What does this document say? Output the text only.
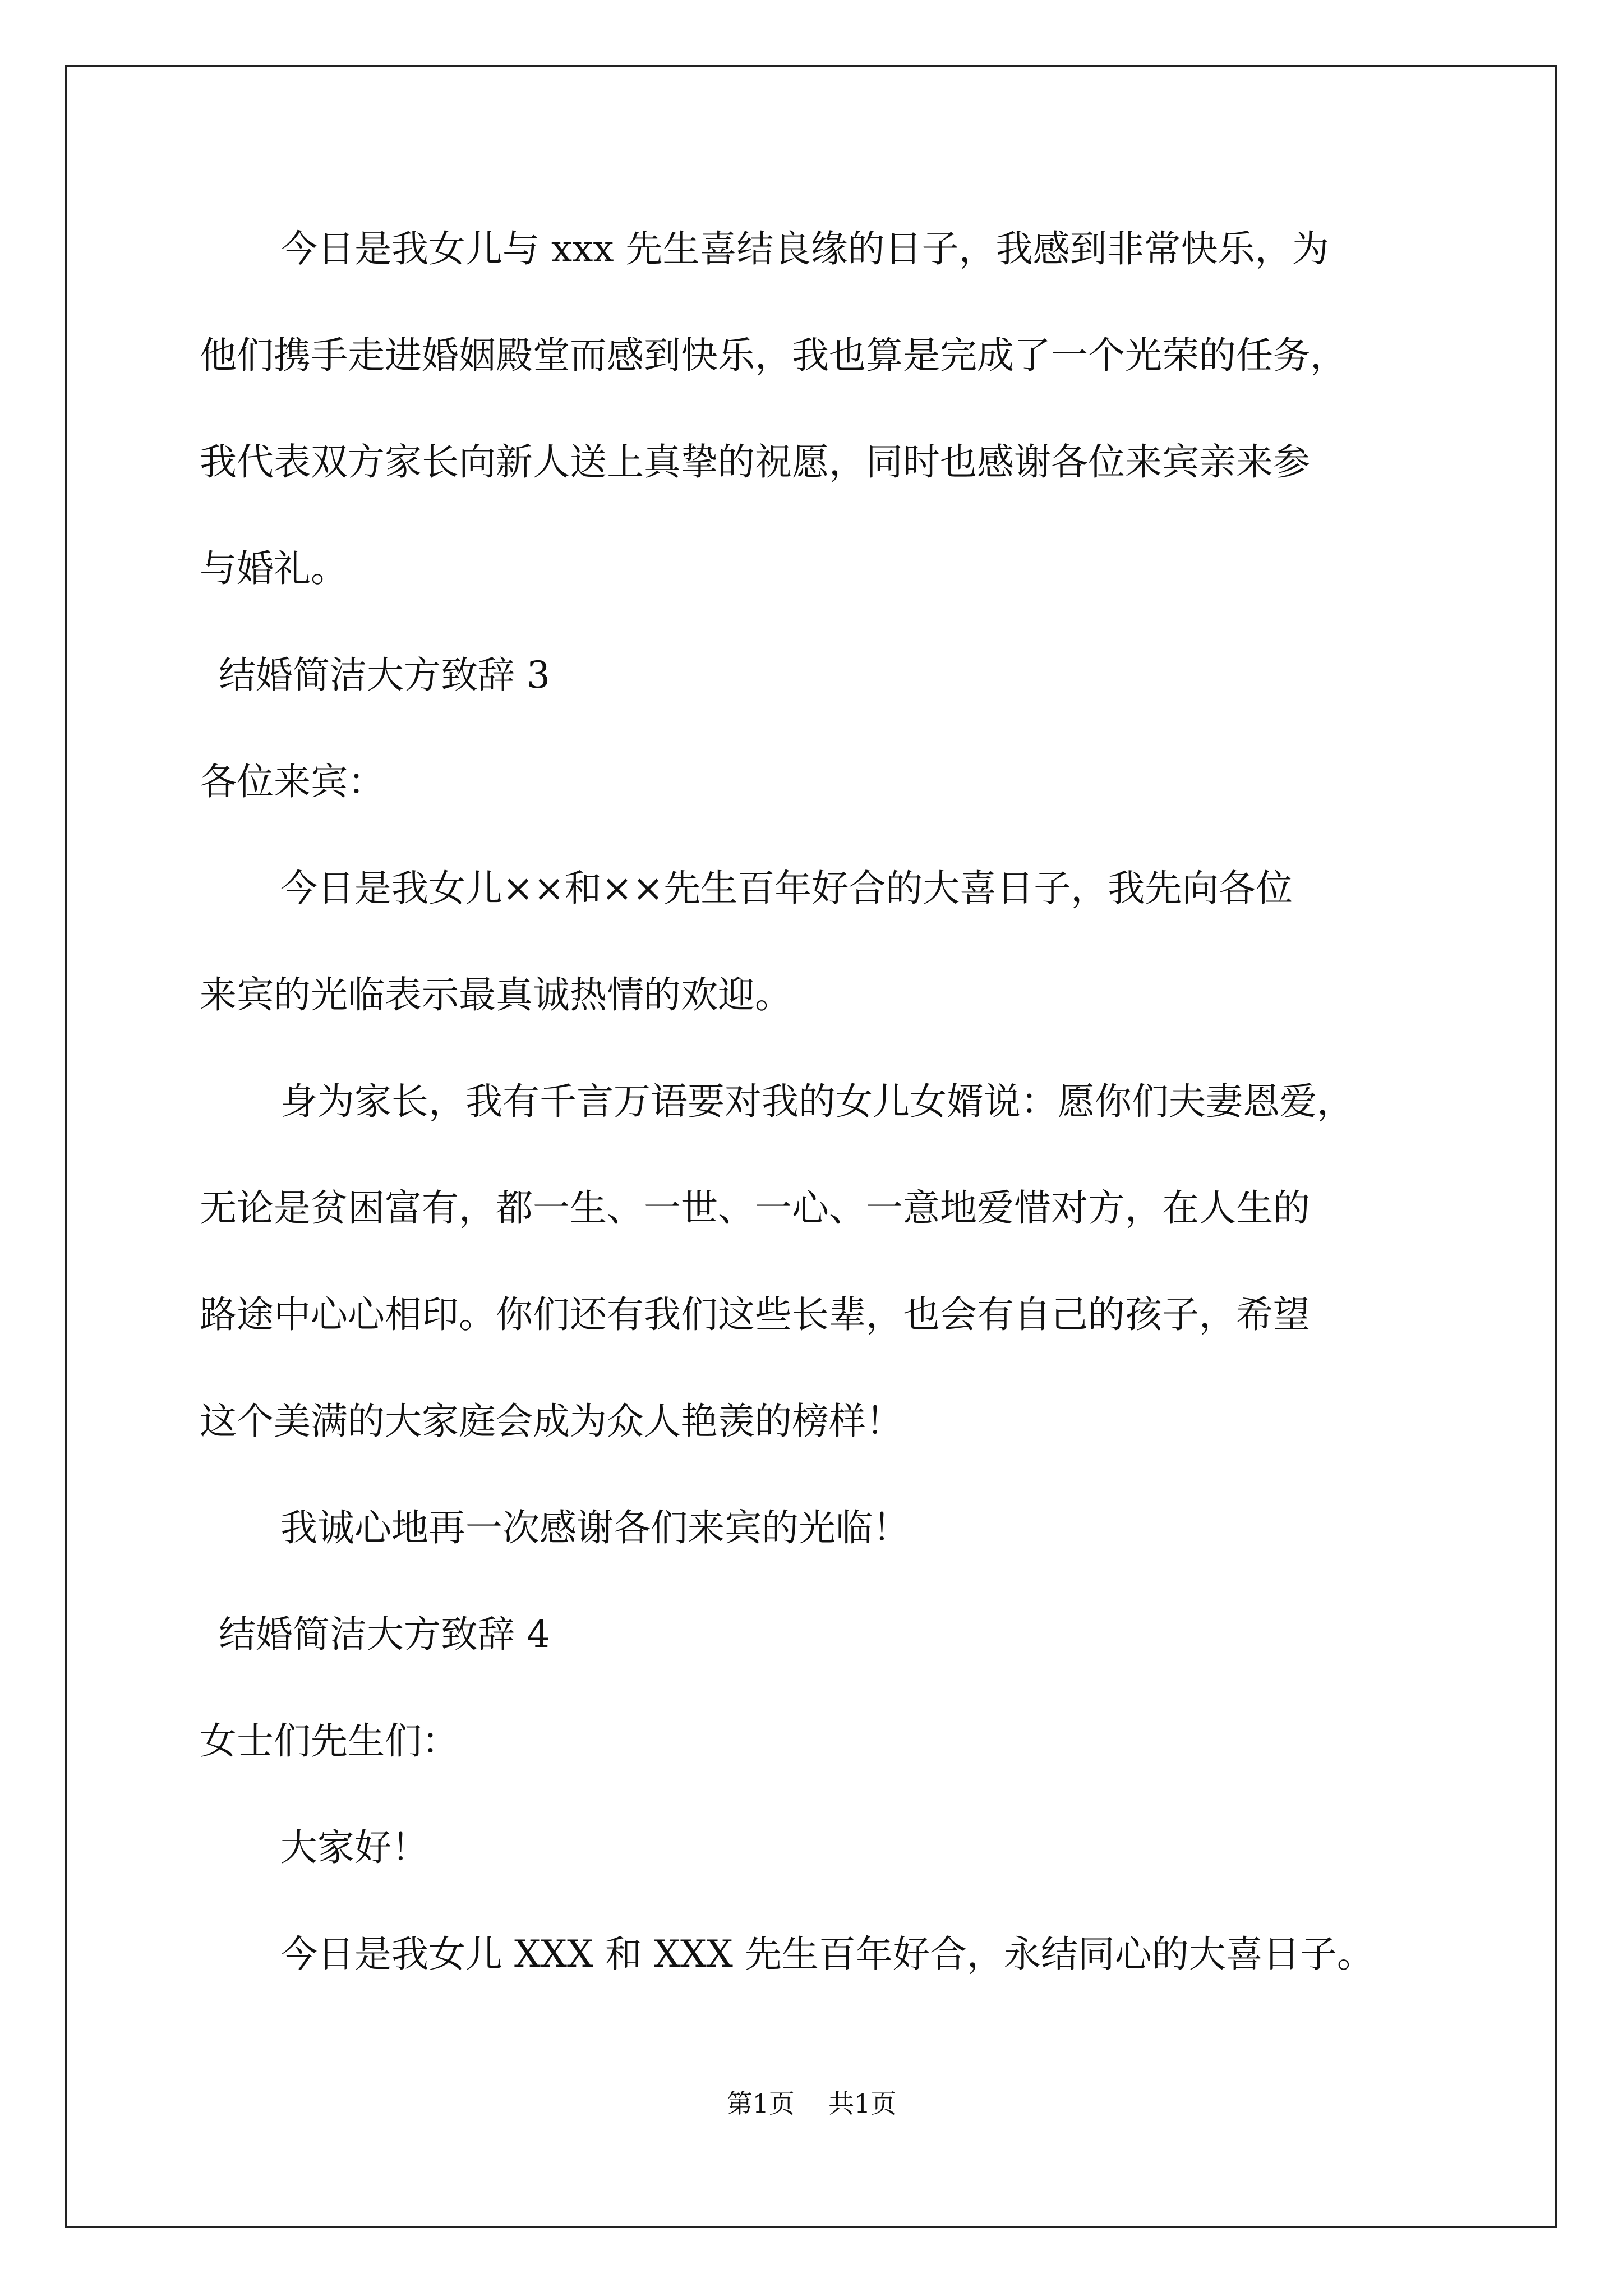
今日是我女儿与 xxx 先生喜结良缘的日子，我感到非常快乐，为

他们携手走进婚姻殿堂而感到快乐，我也算是完成了一个光荣的任务，

我代表双方家长向新人送上真挚的祝愿，同时也感谢各位来宾亲来参

与婚礼。

结婚简洁大方致辞 3

各位来宾：

今日是我女儿××和××先生百年好合的大喜日子，我先向各位

来宾的光临表示最真诚热情的欢迎。

身为家长，我有千言万语要对我的女儿女婿说：愿你们夫妻恩爱，

无论是贫困富有，都一生、一世、一心、一意地爱惜对方，在人生的

路途中心心相印。你们还有我们这些长辈，也会有自己的孩子，希望

这个美满的大家庭会成为众人艳羡的榜样！

我诚心地再一次感谢各们来宾的光临！

结婚简洁大方致辞 4

女士们先生们：

大家好！

今日是我女儿 XXX 和 XXX 先生百年好合，永结同心的大喜日子。

第1页 共1页
